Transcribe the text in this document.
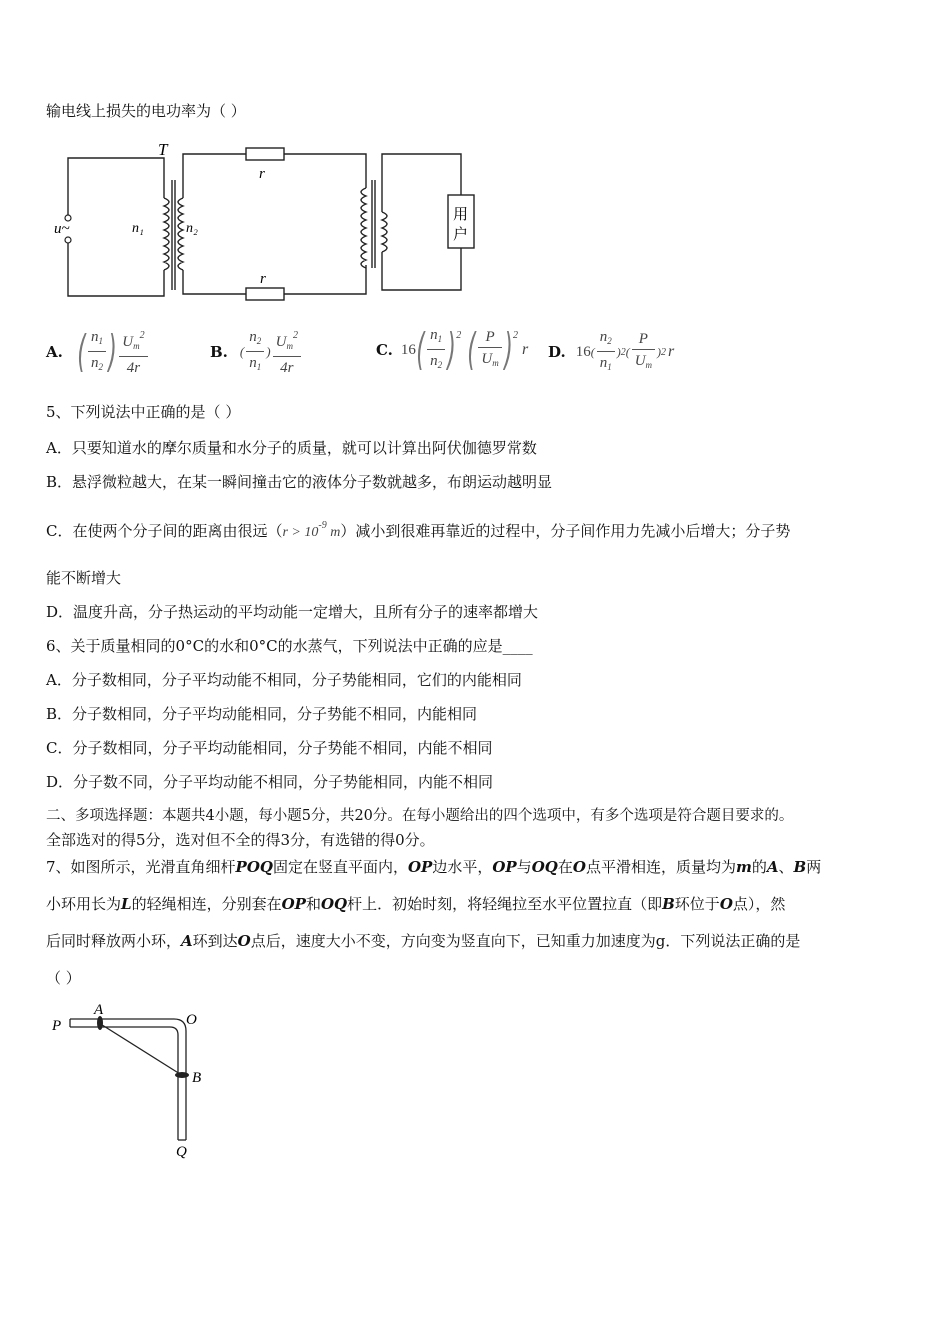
输电线上损失的电功率为（ ）
T
u~	n₁	n₂
r
r
用
户
A. ( $\frac{n_1}{n_2}$ ) $\frac{U_m^2}{4r}$	B. ( $\frac{n_2}{n_1}$ ) $\frac{U_m^2}{4r}$	C. 16 ( $\frac{n_1}{n_2}$ ) 2 ( $\frac{P}{U_m}$ ) 2
r D. 16 ( $\frac{n_2}{n_1}$ ) 2 ( $\frac{P}{U_m}$ ) 2 r
5、下列说法中正确的是（ ）
A．只要知道水的摩尔质量和水分子的质量，就可以计算出阿伏伽德罗常数
B．悬浮微粒越大，在某一瞬间撞击它的液体分子数就越多，布朗运动越明显
C．在使两个分子间的距离由很远（$r > 10^{-9}$ m）减小到很难再靠近的过程中，分子间作用力先减小后增大；分子势
能不断增大
D．温度升高，分子热运动的平均动能一定增大，且所有分子的速率都增大
6、关于质量相同的0°C的水和0°C的水蒸气，下列说法中正确的应是____
A．分子数相同，分子平均动能不相同，分子势能相同，它们的内能相同
B．分子数相同，分子平均动能相同，分子势能不相同，内能相同
C．分子数相同，分子平均动能相同，分子势能不相同，内能不相同
D．分子数不同，分子平均动能不相同，分子势能相同，内能不相同
二、多项选择题：本题共4小题，每小题5分，共20分。在每小题给出的四个选项中，有多个选项是符合题目要求的。
全部选对的得5分，选对但不全的得3分，有选错的得0分。
7、如图所示，光滑直角细杆POQ固定在竖直平面内，OP边水平，OP与OQ在O点平滑相连，质量均为m的A、B两
小环用长为L的轻绳相连，分别套在OP和OQ杆上．初始时刻，将轻绳拉至水平位置拉直（即B环位于O点），然
后同时释放两小环，A环到达O点后，速度大小不变，方向变为竖直向下，已知重力加速度为g．下列说法正确的是
（ ）
P
A
O
B
Q
